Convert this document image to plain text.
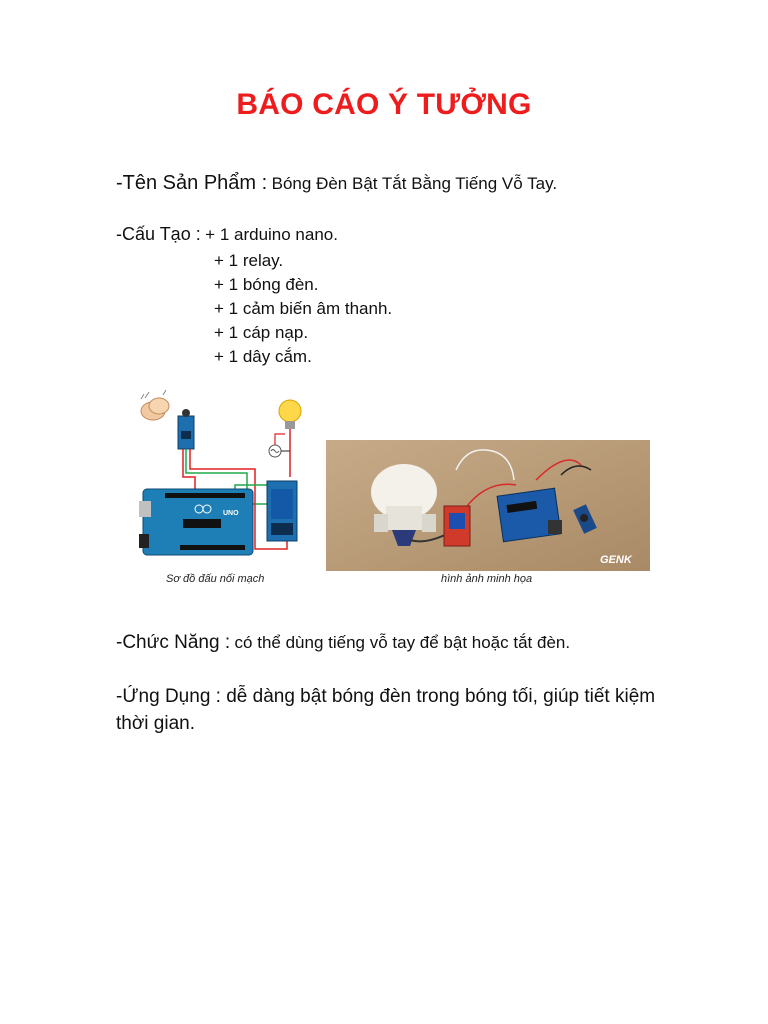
BÁO CÁO Ý TƯỞNG
-Tên Sản Phẩm : Bóng Đèn Bật Tắt Bằng Tiếng Vỗ Tay.
-Cấu Tạo : + 1 arduino nano.
+ 1 relay.
+ 1 bóng đèn.
+ 1 cảm biến âm thanh.
+ 1 cáp nạp.
+ 1 dây cắm.
UNO
GENK
Sơ đồ đấu nối mạch	hình ảnh minh họa
-Chức Năng : có thể dùng tiếng vỗ tay để bật hoặc tắt đèn.
-Ứng Dụng : dễ dàng bật bóng đèn trong bóng tối, giúp tiết kiệm thời gian.
